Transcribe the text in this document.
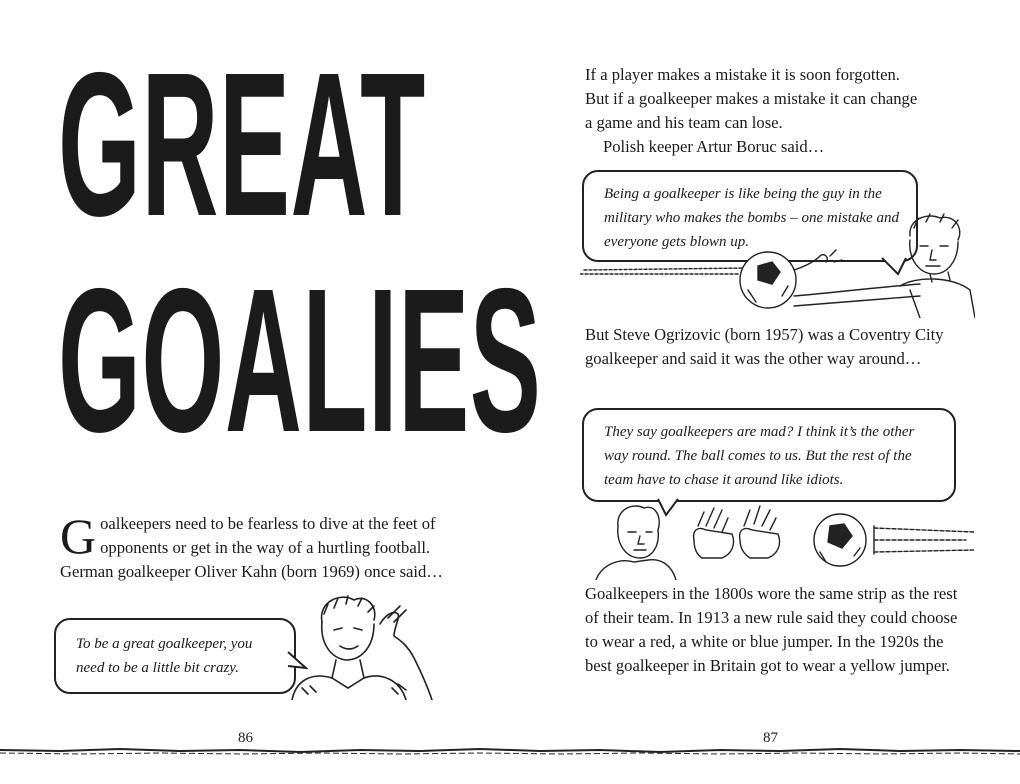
GREAT
GOALIES

Goalkeepers need to be fearless to dive at the feet of opponents or get in the way of a hurtling football. German goalkeeper Oliver Kahn (born 1969) once said…

To be a great goalkeeper, you need to be a little bit crazy.
86

If a player makes a mistake it is soon forgotten.
But if a goalkeeper makes a mistake it can change
a game and his team can lose.
Polish keeper Artur Boruc said…

Being a goalkeeper is like being the guy in the military who makes the bombs – one mistake and everyone gets blown up.

But Steve Ogrizovic (born 1957) was a Coventry City goalkeeper and said it was the other way around…

They say goalkeepers are mad? I think it’s the other way round. The ball comes to us. But the rest of the team have to chase it around like idiots.

Goalkeepers in the 1800s wore the same strip as the rest of their team. In 1913 a new rule said they could choose to wear a red, a white or blue jumper. In the 1920s the best goalkeeper in Britain got to wear a yellow jumper.

87
